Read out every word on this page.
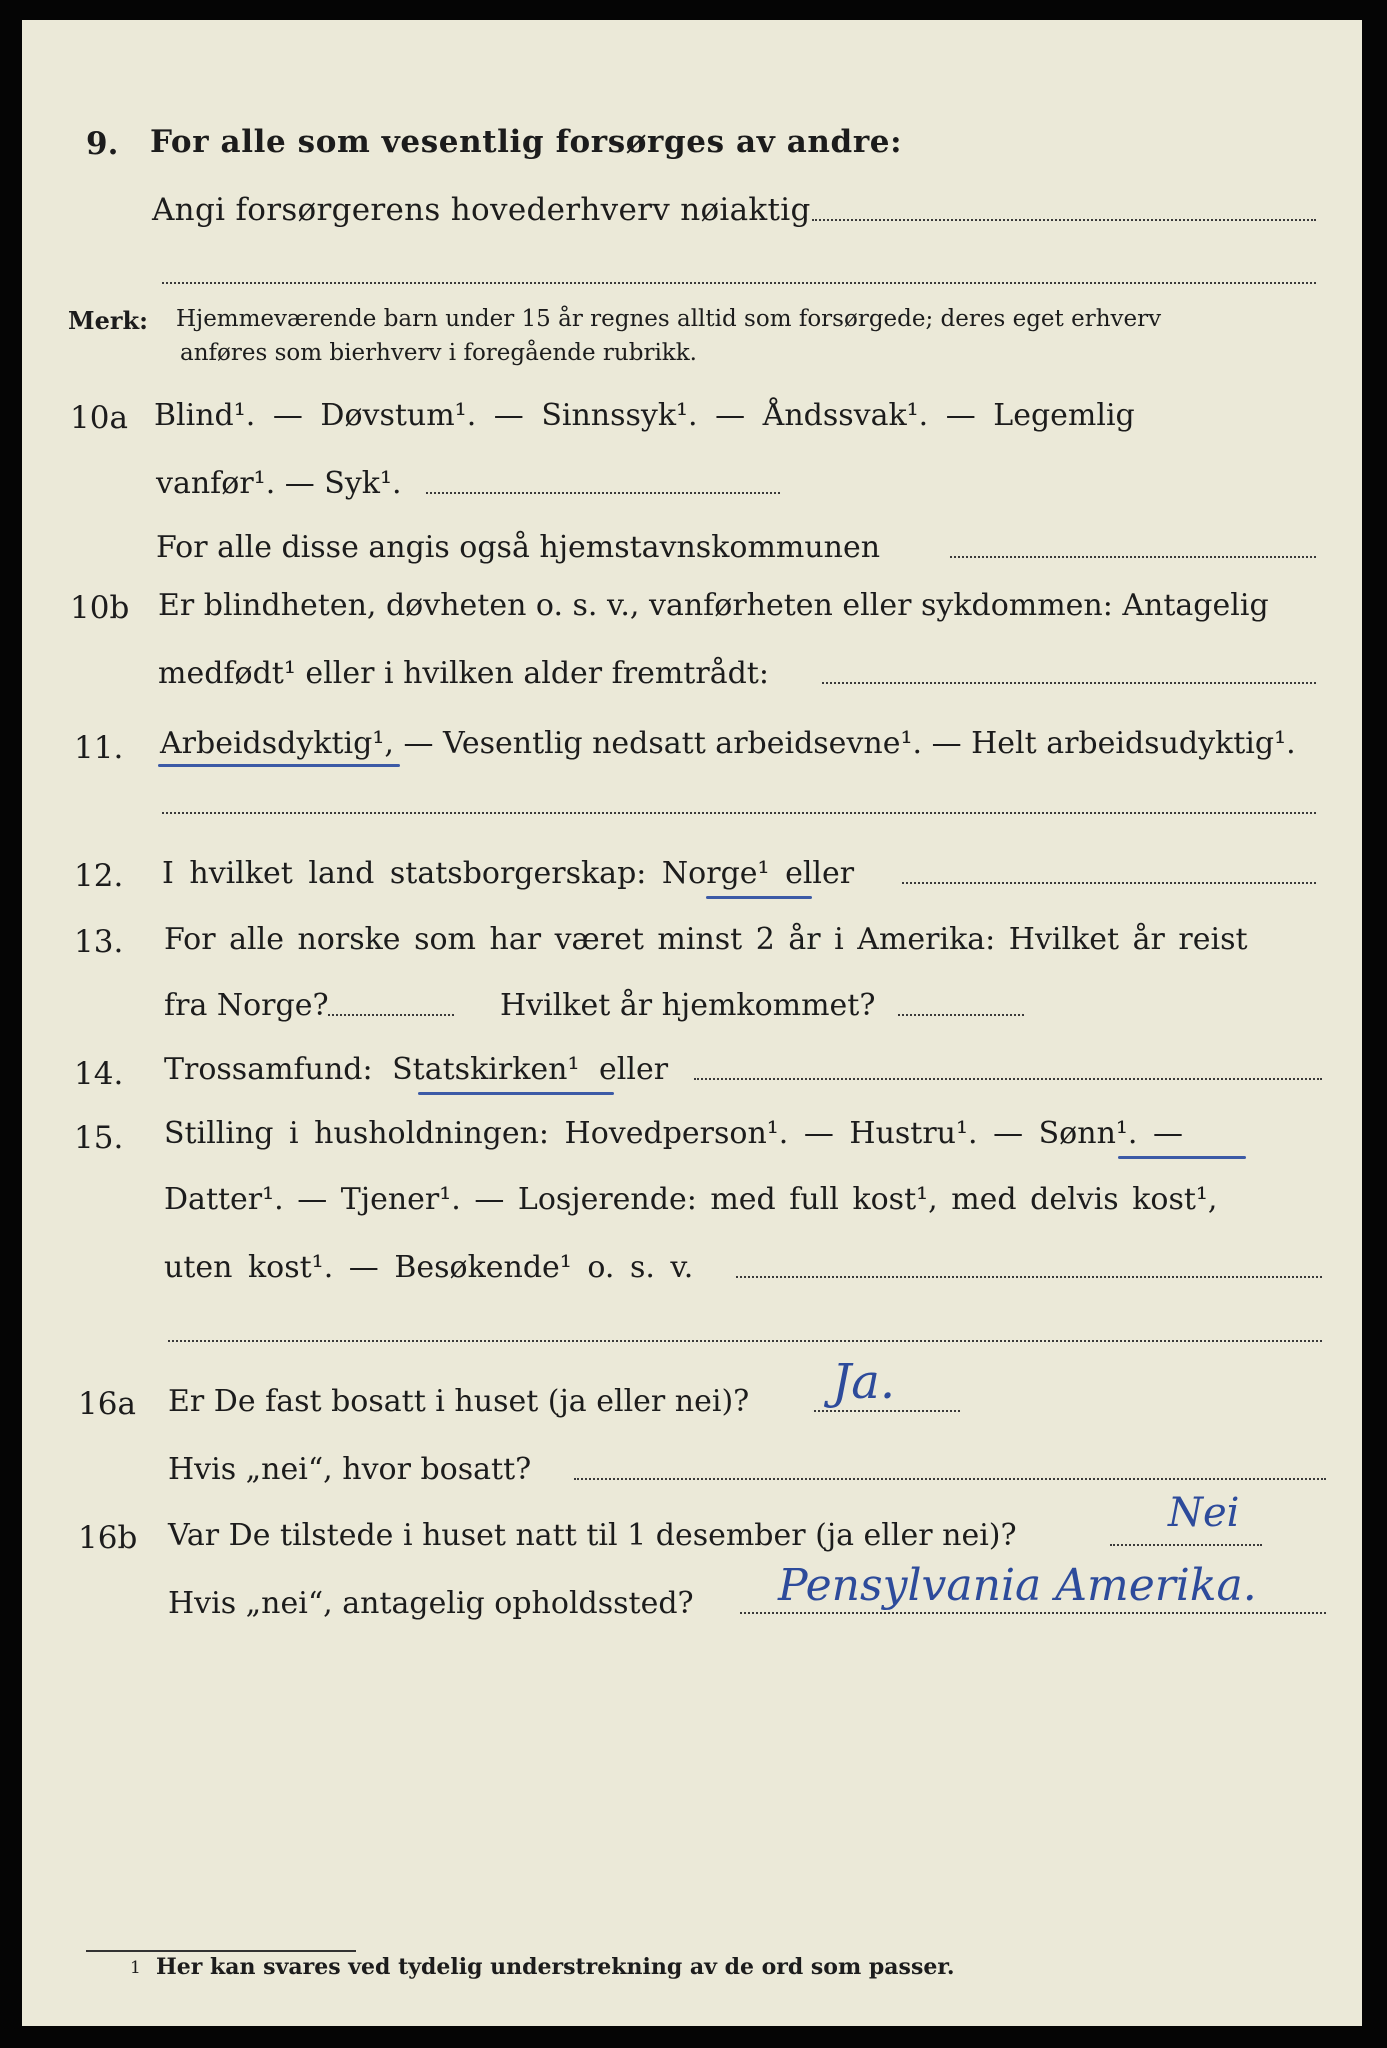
9. For alle som vesentlig forsørges av andre:
Angi forsørgerens hovederhverv nøiaktig
Merk: Hjemmeværende barn under 15 år regnes alltid som forsørgede; deres eget erhverv
anføres som bierhverv i foregående rubrikk.
10a Blind¹. — Døvstum¹. — Sinnssyk¹. — Åndssvak¹. — Legemlig
vanfør¹. — Syk¹.
For alle disse angis også hjemstavnskommunen
10b Er blindheten, døvheten o. s. v., vanførheten eller sykdommen: Antagelig
medfødt¹ eller i hvilken alder fremtrådt:
11. Arbeidsdyktig¹, — Vesentlig nedsatt arbeidsevne¹. — Helt arbeidsudyktig¹.
12. I hvilket land statsborgerskap: Norge¹ eller
13. For alle norske som har været minst 2 år i Amerika: Hvilket år reist
fra Norge?	Hvilket år hjemkommet?
14. Trossamfund: Statskirken¹ eller
15. Stilling i husholdningen: Hovedperson¹. — Hustru¹. — Sønn¹. —
Datter¹. — Tjener¹. — Losjerende: med full kost¹, med delvis kost¹,
uten kost¹. — Besøkende¹ o. s. v.
16a Er De fast bosatt i huset (ja eller nei)? Ja.
Hvis „nei“, hvor bosatt?
16b Var De tilstede i huset natt til 1 desember (ja eller nei)?	Nei
Hvis „nei“, antagelig opholdssted? Pensylvania Amerika.
1 Her kan svares ved tydelig understrekning av de ord som passer.
